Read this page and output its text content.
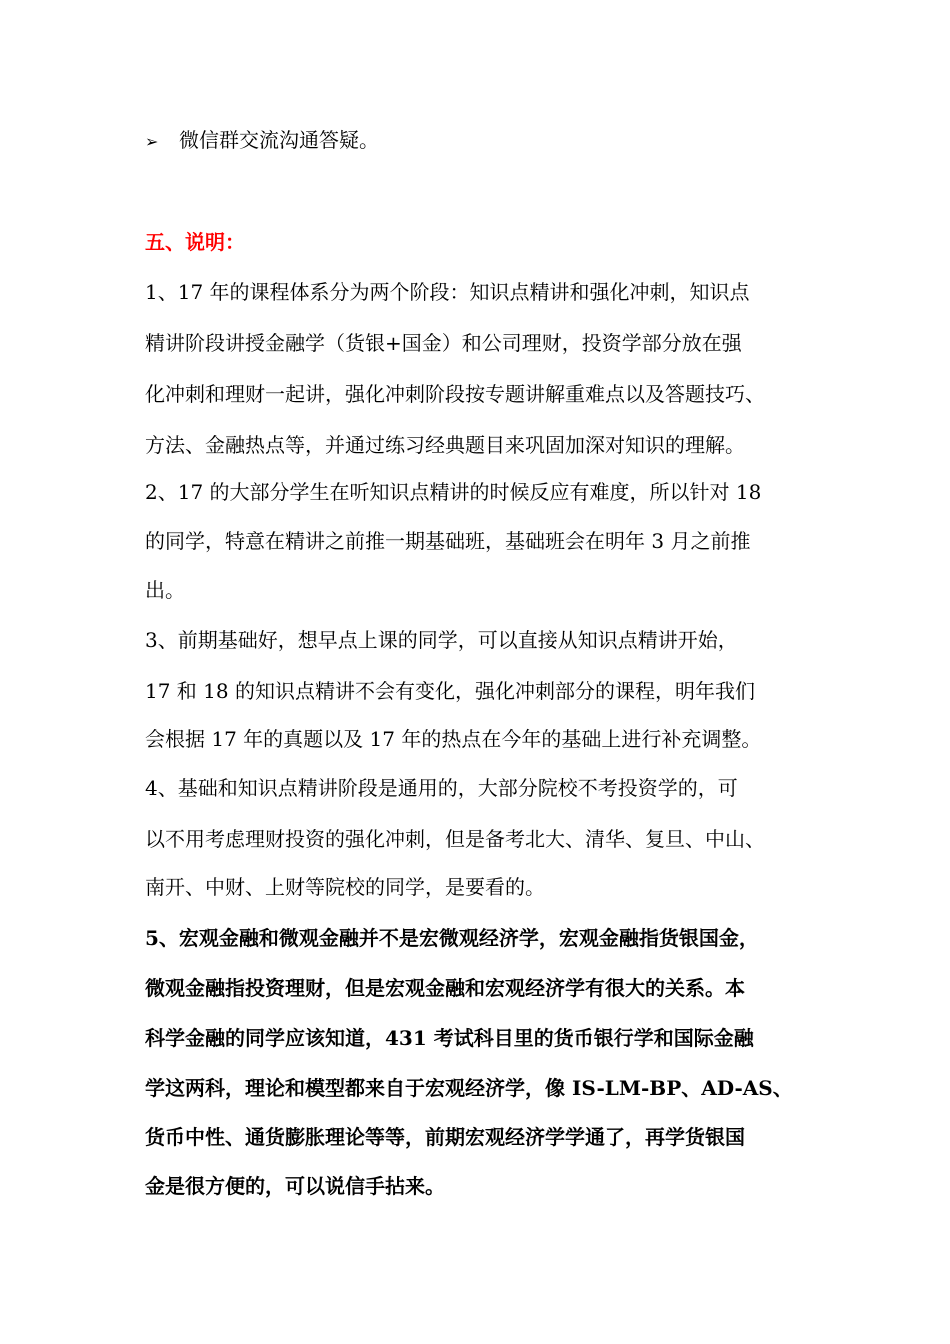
➢ 微信群交流沟通答疑。
五、说明：
1、17 年的课程体系分为两个阶段：知识点精讲和强化冲刺，知识点
精讲阶段讲授金融学（货银+国金）和公司理财，投资学部分放在强
化冲刺和理财一起讲，强化冲刺阶段按专题讲解重难点以及答题技巧、
方法、金融热点等，并通过练习经典题目来巩固加深对知识的理解。
2、17 的大部分学生在听知识点精讲的时候反应有难度，所以针对 18
的同学，特意在精讲之前推一期基础班，基础班会在明年 3 月之前推
出。
3、前期基础好，想早点上课的同学，可以直接从知识点精讲开始，
17 和 18 的知识点精讲不会有变化，强化冲刺部分的课程，明年我们
会根据 17 年的真题以及 17 年的热点在今年的基础上进行补充调整。
4、基础和知识点精讲阶段是通用的，大部分院校不考投资学的，可
以不用考虑理财投资的强化冲刺，但是备考北大、清华、复旦、中山、
南开、中财、上财等院校的同学，是要看的。
5、宏观金融和微观金融并不是宏微观经济学，宏观金融指货银国金，
微观金融指投资理财，但是宏观金融和宏观经济学有很大的关系。本
科学金融的同学应该知道，431 考试科目里的货币银行学和国际金融
学这两科，理论和模型都来自于宏观经济学，像 IS-LM-BP、AD-AS、
货币中性、通货膨胀理论等等，前期宏观经济学学通了，再学货银国
金是很方便的，可以说信手拈来。
